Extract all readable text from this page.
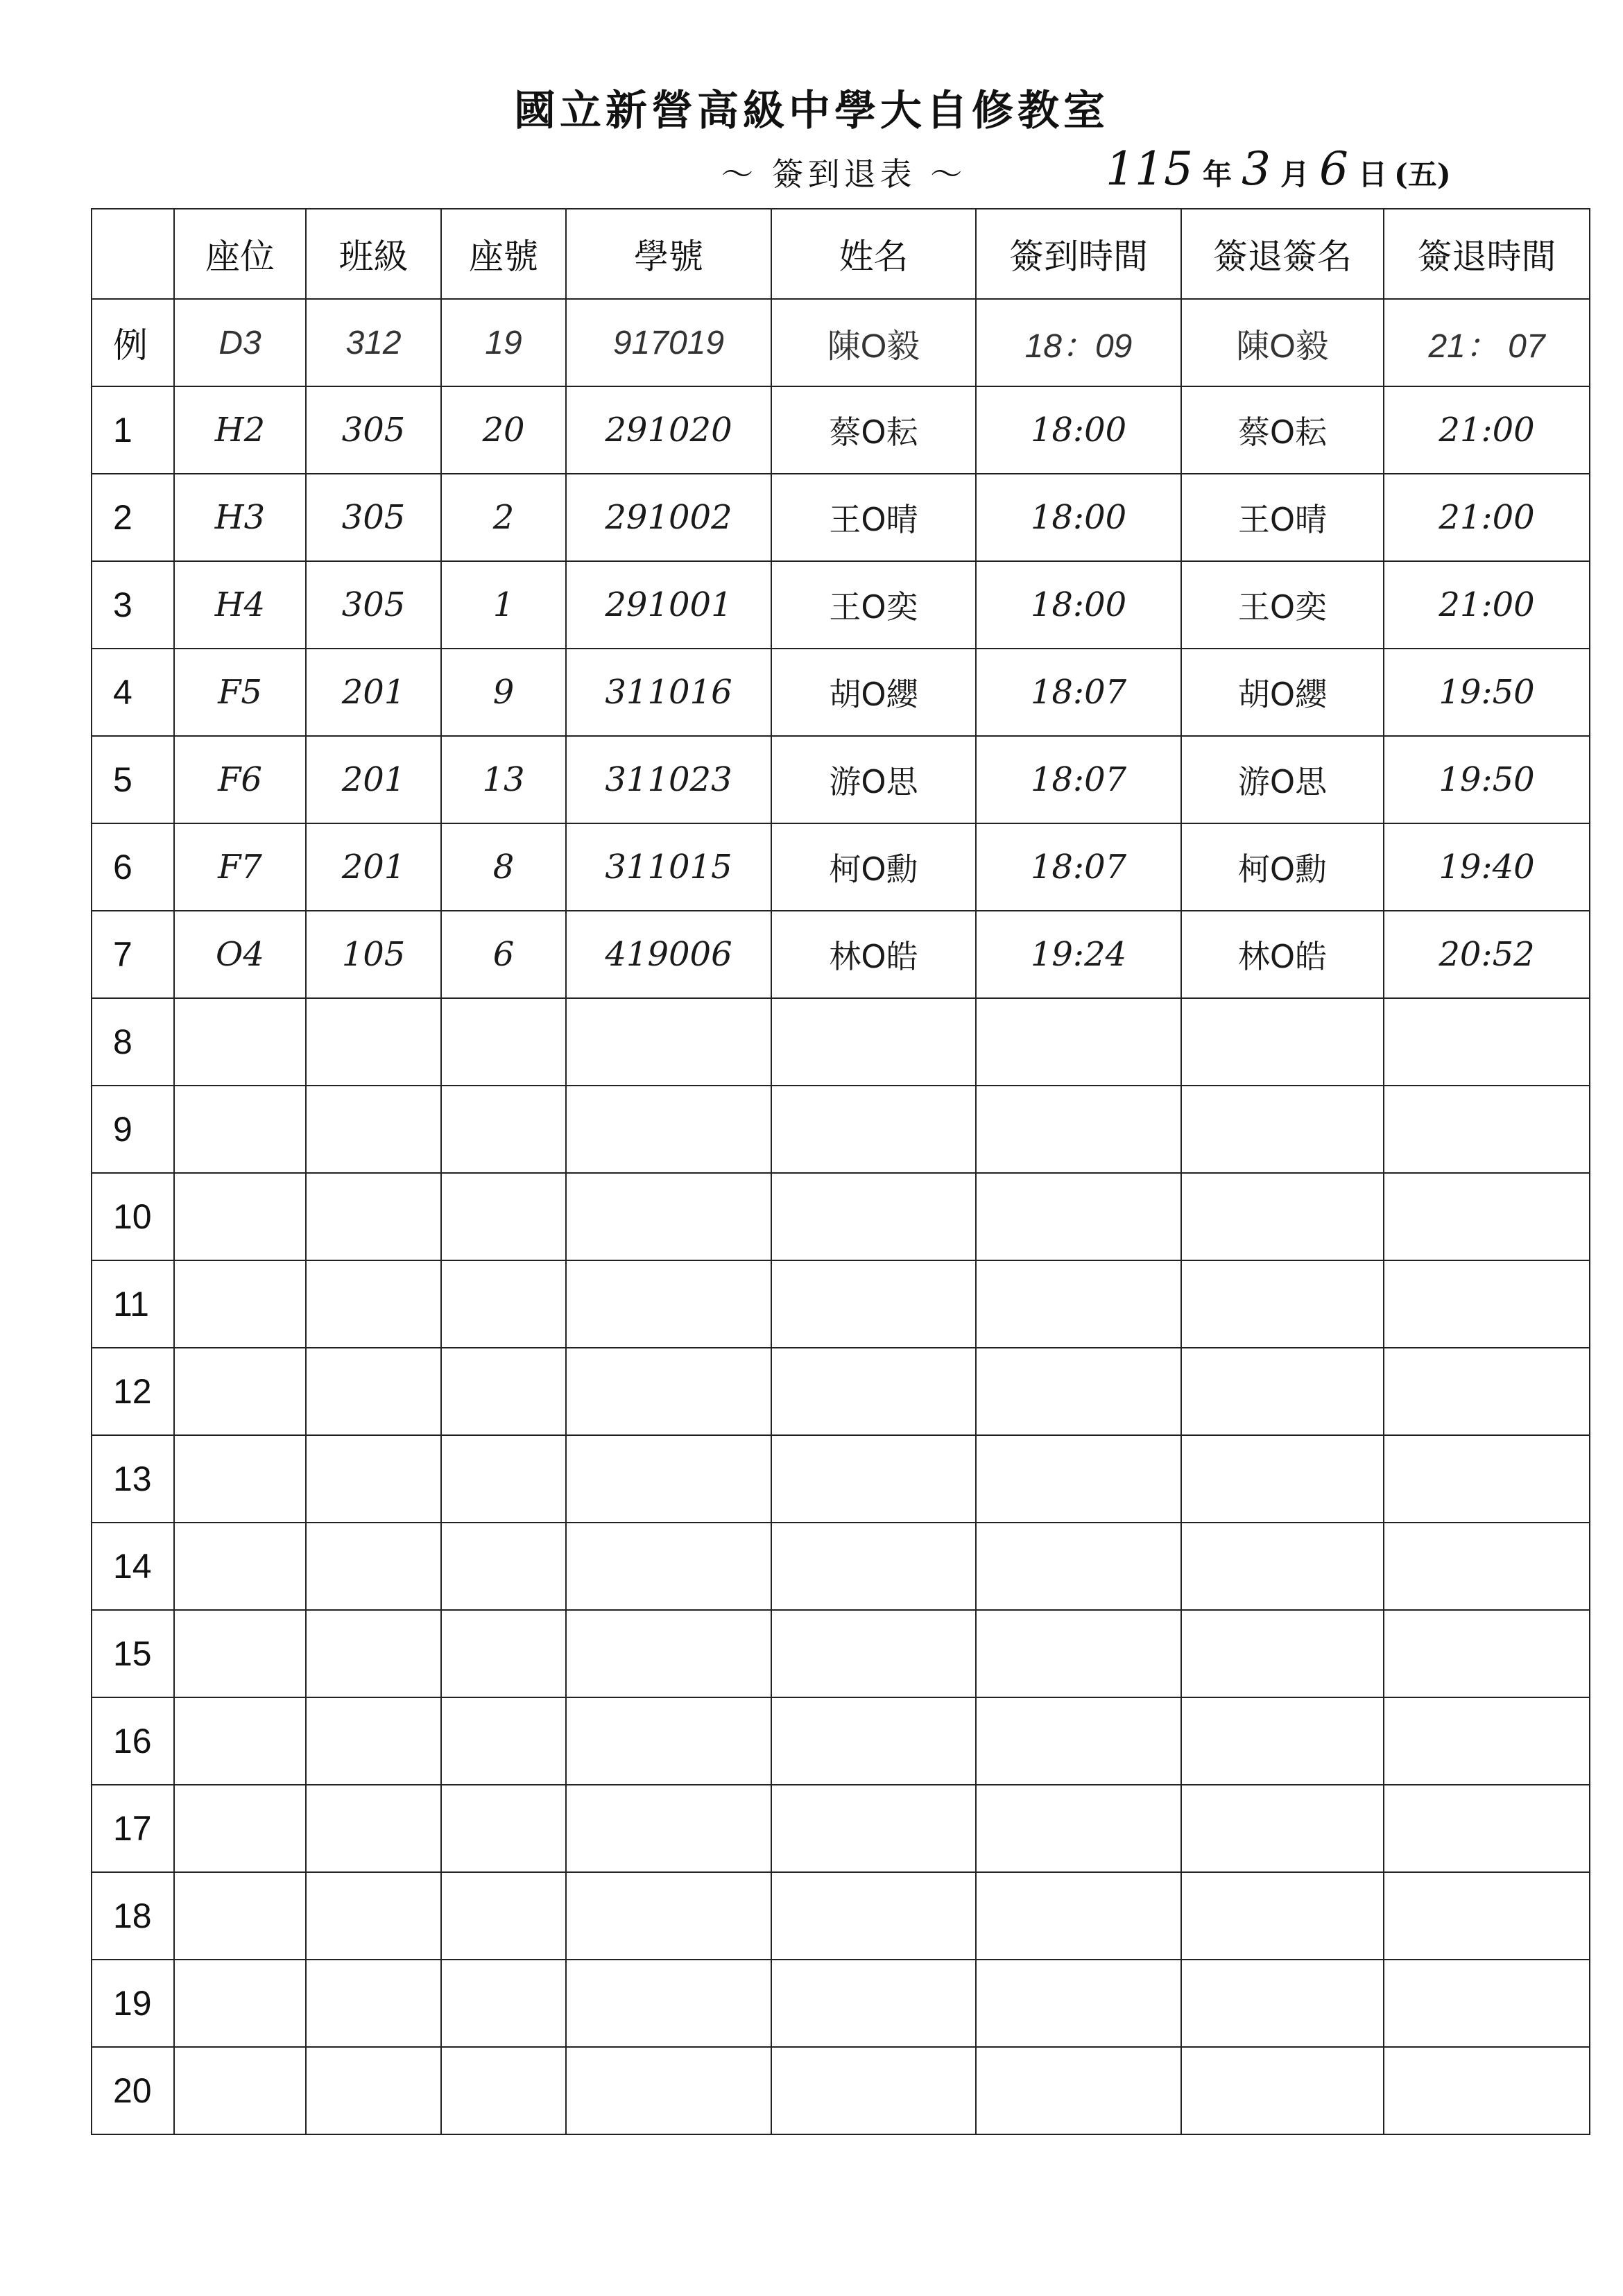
國立新營高級中學大自修教室
～ 簽到退表 ～	115 年 3 月 6 日 (五)
	座位	班級	座號	學號	姓名	簽到時間	簽退簽名	簽退時間
例	D3	312	19	917019	陳O毅	18：09	陳O毅	21： 07
1	H2	305	20	291020	蔡O耘	18:00	蔡O耘	21:00
2	H3	305	2	291002	王O晴	18:00	王O晴	21:00
3	H4	305	1	291001	王O奕	18:00	王O奕	21:00
4	F5	201	9	311016	胡O纓	18:07	胡O纓	19:50
5	F6	201	13	311023	游O思	18:07	游O思	19:50
6	F7	201	8	311015	柯O勳	18:07	柯O勳	19:40
7	O4	105	6	419006	林O皓	19:24	林O皓	20:52
8								
9								
10								
11								
12								
13								
14								
15								
16								
17								
18								
19								
20								
